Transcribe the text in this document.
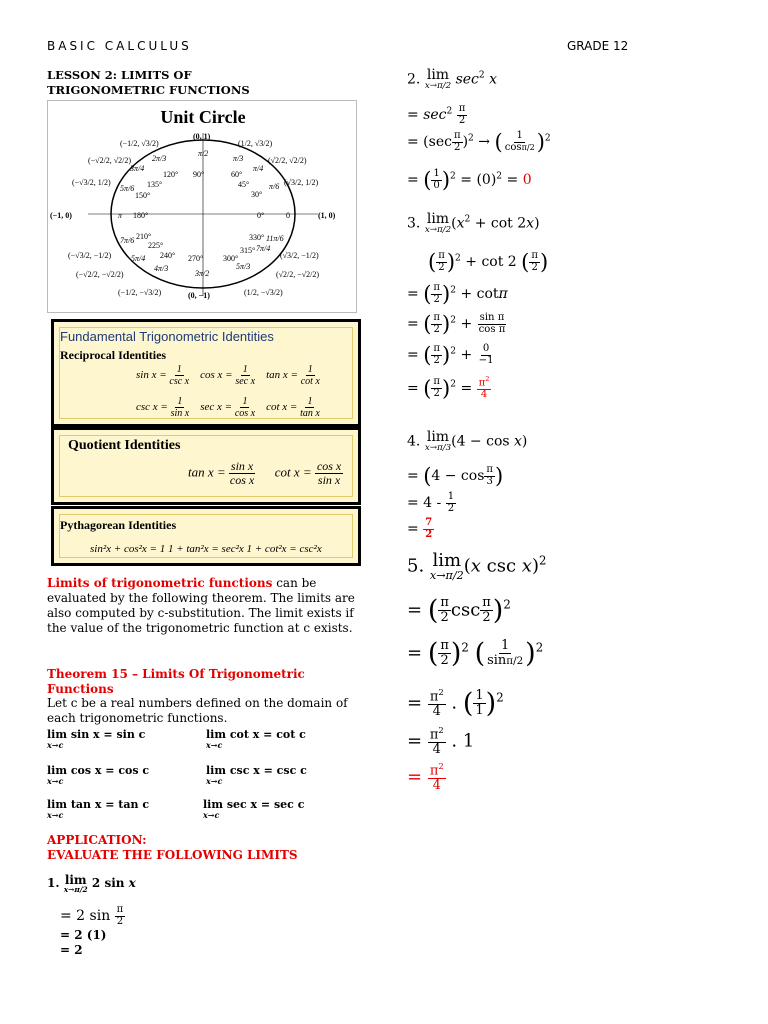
BASIC CALCULUS	GRADE 12
LESSON 2: LIMITS OF
TRIGONOMETRIC FUNCTIONS
Unit Circle
(0, 1)
(1, 0)
(−1, 0)
(0, −1)
90°	60°
45°
30°
0°
330°
315°
300°
270°
240°
225°
210°
180°
150°
135°
120°
π	0
π/2
π/3
π/4
π/6
11π/6
7π/4
5π/3
3π/2
4π/3
5π/4
7π/6
5π/6
3π/4
2π/3
(−1/2, √3/2)	(1/2, √3/2)
(−√2/2, √2/2)	(√2/2, √2/2)
(−√3/2, 1/2)	(√3/2, 1/2)
(−√3/2, −1/2)	(√3/2, −1/2)
(−√2/2, −√2/2)	(√2/2, −√2/2)
(−1/2, −√3/2)	(1/2, −√3/2)
Fundamental Trigonometric Identities
Reciprocal Identities
sin x = 1
csc x
cos x = 1
sec x
$\tan x = \frac{1}{\text{cot x}}$
$\csc x = \frac{1}{\text{sin x}}$ $\sec x = \frac{1}{\text{cos x}}$ $\cot x = \frac{1}{\text{tan x}}$
Quotient Identities
$\tan x = \frac{\text{sin x}}{\text{cos x}}$ $\cot x = \frac{\text{cos x}}{\text{sin x}}$
Pythagorean Identities
sin²x + cos²x = 1 1 + tan²x = sec²x 1 + cot²x = csc²x
Limits of trigonometric functions can be evaluated by the following theorem. The limits are also computed by c-substitution. The limit exists if the value of the trigonometric function at c exists.
Theorem 15 – Limits Of Trigonometric
Functions
Let c be a real numbers defined on the domain of each trigonometric functions.
lim sin x = sin c
x→c
lim cot x = cot c
x→c
lim cos x = cos c
x→c
lim csc x = csc c
x→c
lim tan x = tan c
x→c
lim sec x = sec c
x→c
APPLICATION:
EVALUATE THE FOLLOWING LIMITS
1. lim
x→π/2 2 sin x
= 2 $\sin \frac{\pi}{2}$
= 2 (1)
= 2
2. lim
x→π/2 $\sec^2 x$
= $\sec^2 \frac{\pi}{2}$
= $(\sec \frac{\pi}{2} )^2$ → ( $\frac{1}{\cos\pi/2} )^2$
= ( $\frac{1}{0} )^2 = (0)^2 = 0$
3. lim
x→π/2 $(x^2 + \cot 2x)$
( $\frac{\pi}{2} )^2 + \cot 2$ ( $\frac{\pi}{2}$ )
= ( $\frac{\pi}{2} )^2 + \cot\pi$
= ( $\frac{\pi}{2} )^2 + \frac{\text{sin π}}{\text{cos π}}$
= ( $\frac{\pi}{2} )^2 + \frac{0}{-1}$
= ( $\frac{\pi}{2} )^2 = \frac{\pi^2}{4}$
4. lim
x→π/3 (4 − cos x)
= ($4 - \cos \frac{\pi}{3}$ )
= $4 - \frac{1}{2}$
= $\frac{7}{2}$
5. lim
x→π/2 (x csc x)$^2$
= ( $\frac{\pi}{2}$ $\csc \frac{\pi}{2} )^2$
= ( $\frac{\pi}{2} )^2$ ( $\frac{1}{\sin\pi/2} )^2$
= $\frac{\pi^2}{4}$ . ( $\frac{1}{1} )^2$
= $\frac{\pi^2}{4}$ . 1
= $\frac{\pi^2}{4}$
